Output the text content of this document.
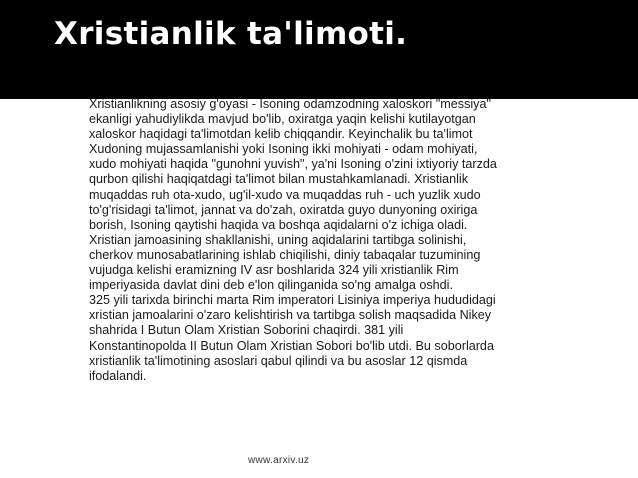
Xristianlik ta'limoti.
Xristianlikning asosiy g'oyasi - Isoning odamzodning xaloskori "messiya"
ekanligi yahudiylikda mavjud bo'lib, oxiratga yaqin kelishi kutilayotgan
xaloskor haqidagi ta'limotdan kelib chiqqandir. Keyinchalik bu ta'limot
Xudoning mujassamlanishi yoki Isoning ikki mohiyati - odam mohiyati,
xudo mohiyati haqida "gunohni yuvish", ya'ni Isoning o'zini ixtiyoriy tarzda
qurbon qilishi haqiqatdagi ta'limot bilan mustahkamlanadi. Xristianlik
muqaddas ruh ota-xudo, ug'il-xudo va muqaddas ruh - uch yuzlik xudo
to'g'risidagi ta'limot, jannat va do'zah, oxiratda guyo dunyoning oxiriga
borish, Isoning qaytishi haqida va boshqa aqidalarni o'z ichiga oladi.
Xristian jamoasining shakllanishi, uning aqidalarini tartibga solinishi,
cherkov munosabatlarining ishlab chiqilishi, diniy tabaqalar tuzumining
vujudga kelishi eramizning IV asr boshlarida 324 yili xristianlik Rim
imperiyasida davlat dini deb e'lon qilinganida so'ng amalga oshdi.
325 yili tarixda birinchi marta Rim imperatori Lisiniya imperiya hududidagi
xristian jamoalarini o'zaro kelishtirish va tartibga solish maqsadida Nikey
shahrida I Butun Olam Xristian Soborini chaqirdi. 381 yili
Konstantinopolda II Butun Olam Xristian Sobori bo'lib utdi. Bu soborlarda
xristianlik ta'limotining asoslari qabul qilindi va bu asoslar 12 qismda
ifodalandi.
www.arxiv.uz
